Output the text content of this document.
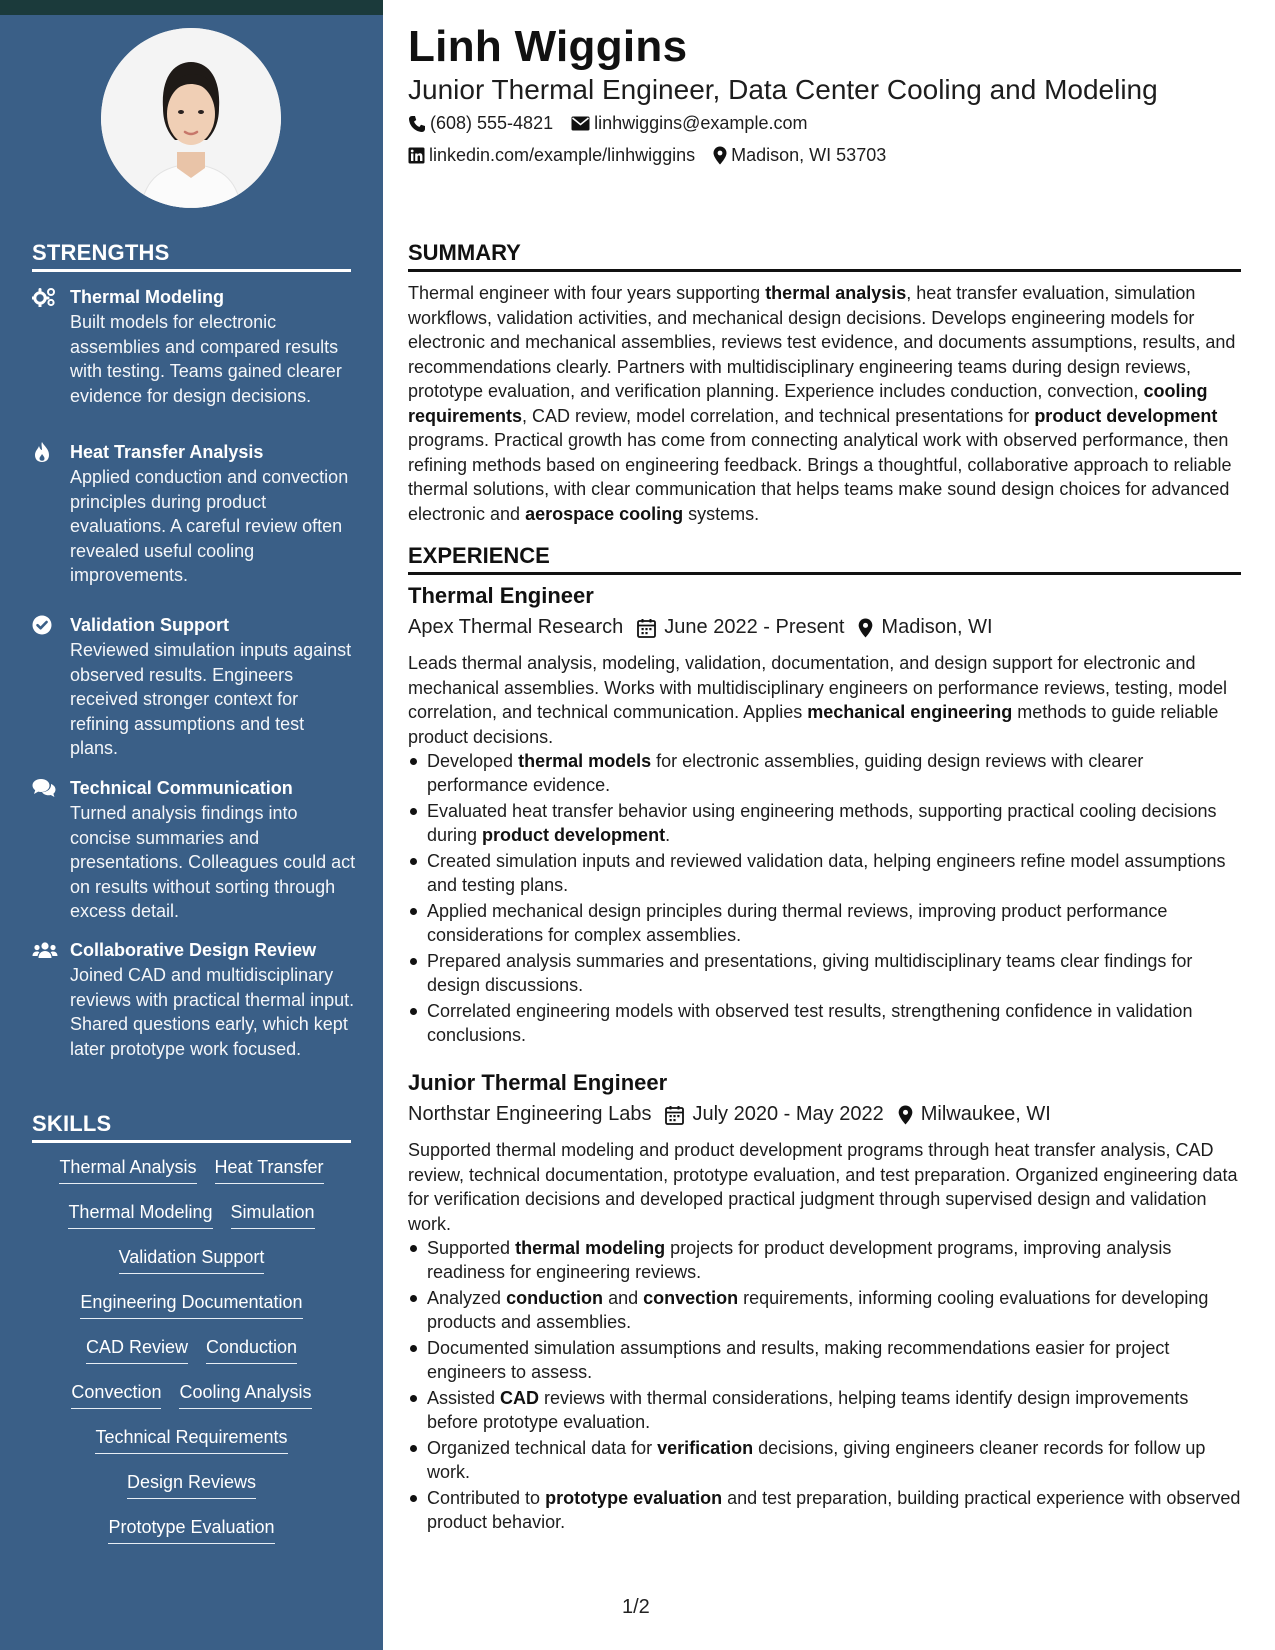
STRENGTHS
Thermal Modeling
Built models for electronic assemblies and compared results with testing. Teams gained clearer evidence for design decisions.
Heat Transfer Analysis
Applied conduction and convection principles during product evaluations. A careful review often revealed useful cooling improvements.
Validation Support
Reviewed simulation inputs against observed results. Engineers received stronger context for refining assumptions and test plans.
Technical Communication
Turned analysis findings into concise summaries and presentations. Colleagues could act on results without sorting through excess detail.
Collaborative Design Review
Joined CAD and multidisciplinary reviews with practical thermal input. Shared questions early, which kept later prototype work focused.
SKILLS
Thermal Analysis Heat Transfer
Thermal Modeling Simulation
Validation Support
Engineering Documentation
CAD Review Conduction
Convection Cooling Analysis
Technical Requirements
Design Reviews
Prototype Evaluation
Linh Wiggins
Junior Thermal Engineer, Data Center Cooling and Modeling
(608) 555-4821 linhwiggins@example.com
linkedin.com/example/linhwiggins Madison, WI 53703
SUMMARY

Thermal engineer with four years supporting thermal analysis, heat transfer evaluation, simulation workflows, validation activities, and mechanical design decisions. Develops engineering models for electronic and mechanical assemblies, reviews test evidence, and documents assumptions, results, and recommendations clearly. Partners with multidisciplinary engineering teams during design reviews, prototype evaluation, and verification planning. Experience includes conduction, convection, cooling requirements, CAD review, model correlation, and technical presentations for product development programs. Practical growth has come from connecting analytical work with observed performance, then refining methods based on engineering feedback. Brings a thoughtful, collaborative approach to reliable thermal solutions, with clear communication that helps teams make sound design choices for advanced electronic and aerospace cooling systems.

EXPERIENCE
Thermal Engineer
Apex Thermal Research June 2022 - Present Madison, WI

Leads thermal analysis, modeling, validation, documentation, and design support for electronic and mechanical assemblies. Works with multidisciplinary engineers on performance reviews, testing, model correlation, and technical communication. Applies mechanical engineering methods to guide reliable product decisions.

Developed thermal models for electronic assemblies, guiding design reviews with clearer performance evidence.
Evaluated heat transfer behavior using engineering methods, supporting practical cooling decisions during product development.
Created simulation inputs and reviewed validation data, helping engineers refine model assumptions and testing plans.
Applied mechanical design principles during thermal reviews, improving product performance considerations for complex assemblies.
Prepared analysis summaries and presentations, giving multidisciplinary teams clear findings for design discussions.
Correlated engineering models with observed test results, strengthening confidence in validation conclusions.
Junior Thermal Engineer
Northstar Engineering Labs July 2020 - May 2022 Milwaukee, WI

Supported thermal modeling and product development programs through heat transfer analysis, CAD review, technical documentation, prototype evaluation, and test preparation. Organized engineering data for verification decisions and developed practical judgment through supervised design and validation work.

Supported thermal modeling projects for product development programs, improving analysis readiness for engineering reviews.
Analyzed conduction and convection requirements, informing cooling evaluations for developing products and assemblies.
Documented simulation assumptions and results, making recommendations easier for project engineers to assess.
Assisted CAD reviews with thermal considerations, helping teams identify design improvements before prototype evaluation.
Organized technical data for verification decisions, giving engineers cleaner records for follow up work.
Contributed to prototype evaluation and test preparation, building practical experience with observed product behavior.
1/2
